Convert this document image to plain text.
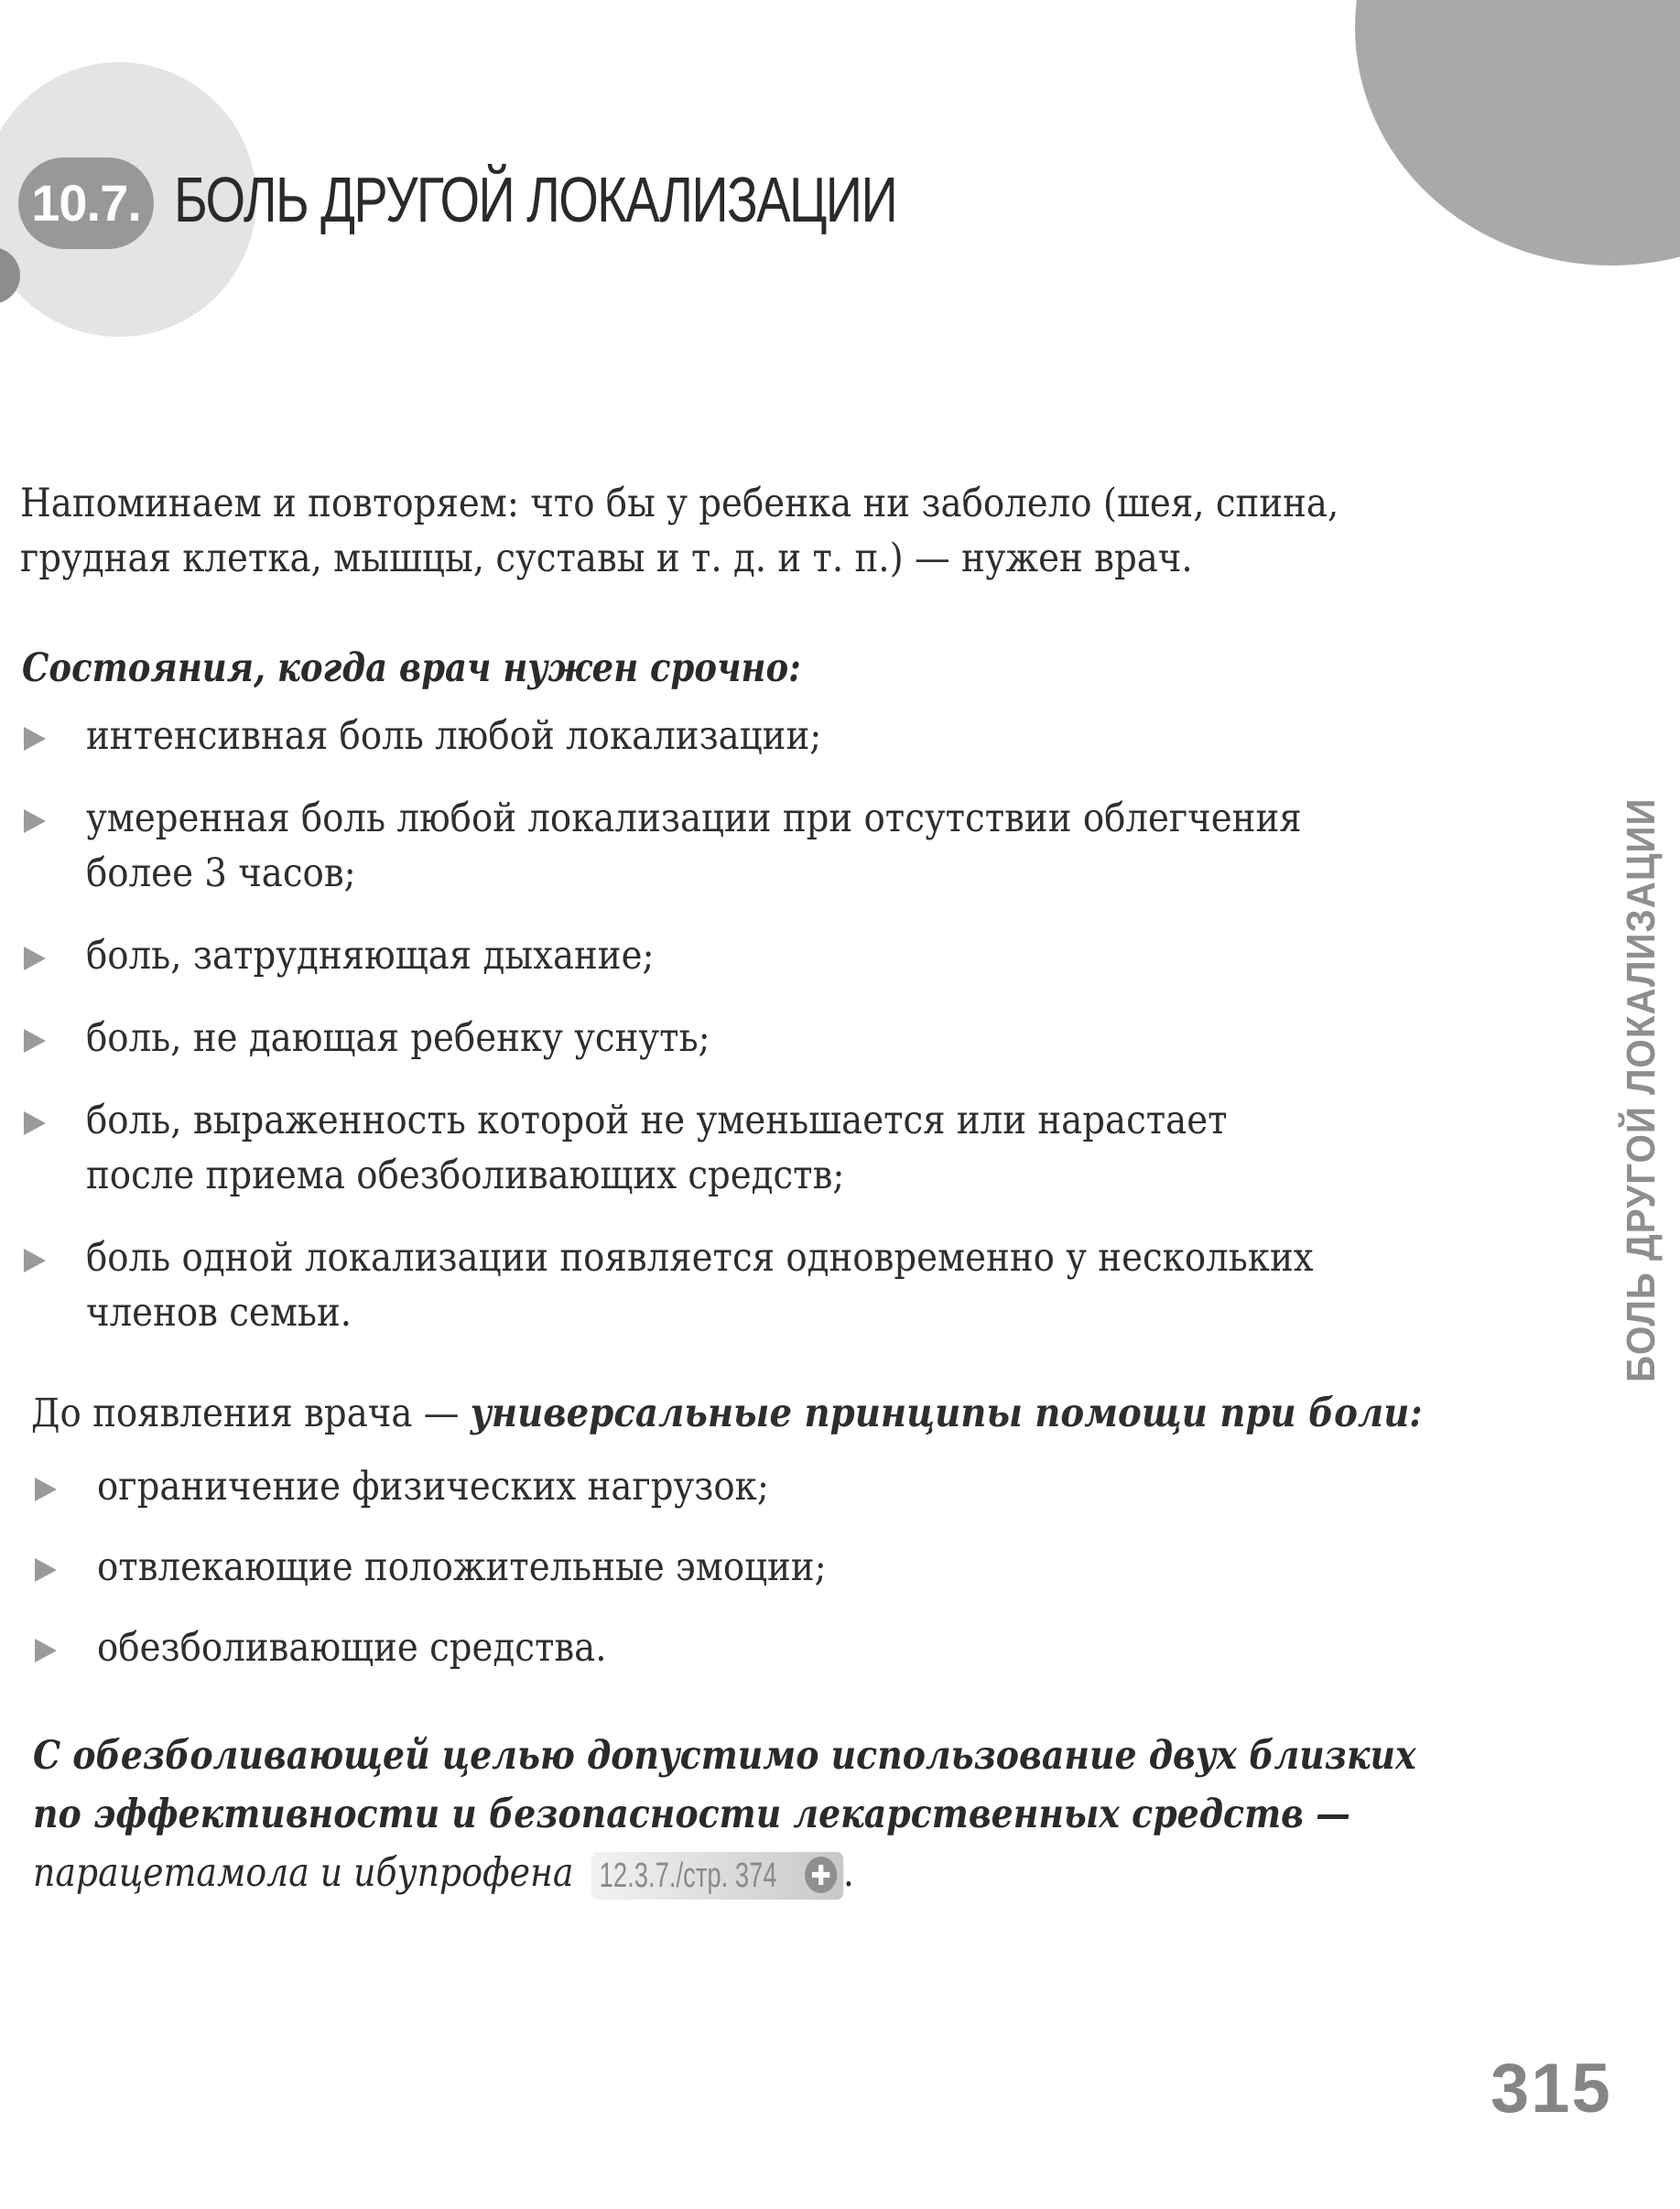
10.7. БОЛЬ ДРУГОЙ ЛОКАЛИЗАЦИИ
Напоминаем и повторяем: что бы у ребенка ни заболело (шея, спина,
грудная клетка, мышцы, суставы и т. д. и т. п.) — нужен врач.
Состояния, когда врач нужен срочно:
интенсивная боль любой локализации;
умеренная боль любой локализации при отсутствии облегчения
более 3 часов;
боль, затрудняющая дыхание;
боль, не дающая ребенку уснуть;
боль, выраженность которой не уменьшается или нарастает
после приема обезболивающих средств;
боль одной локализации появляется одновременно у нескольких
членов семьи.
До появления врача — универсальные принципы помощи при боли:
ограничение физических нагрузок;
отвлекающие положительные эмоции;
обезболивающие средства.
С обезболивающей целью допустимо использование двух близких
по эффективности и безопасности лекарственных средств —
парацетамола и ибупрофена 12.3.7./стр. 374 .
БОЛЬ ДРУГОЙ ЛОКАЛИЗАЦИИ
315
